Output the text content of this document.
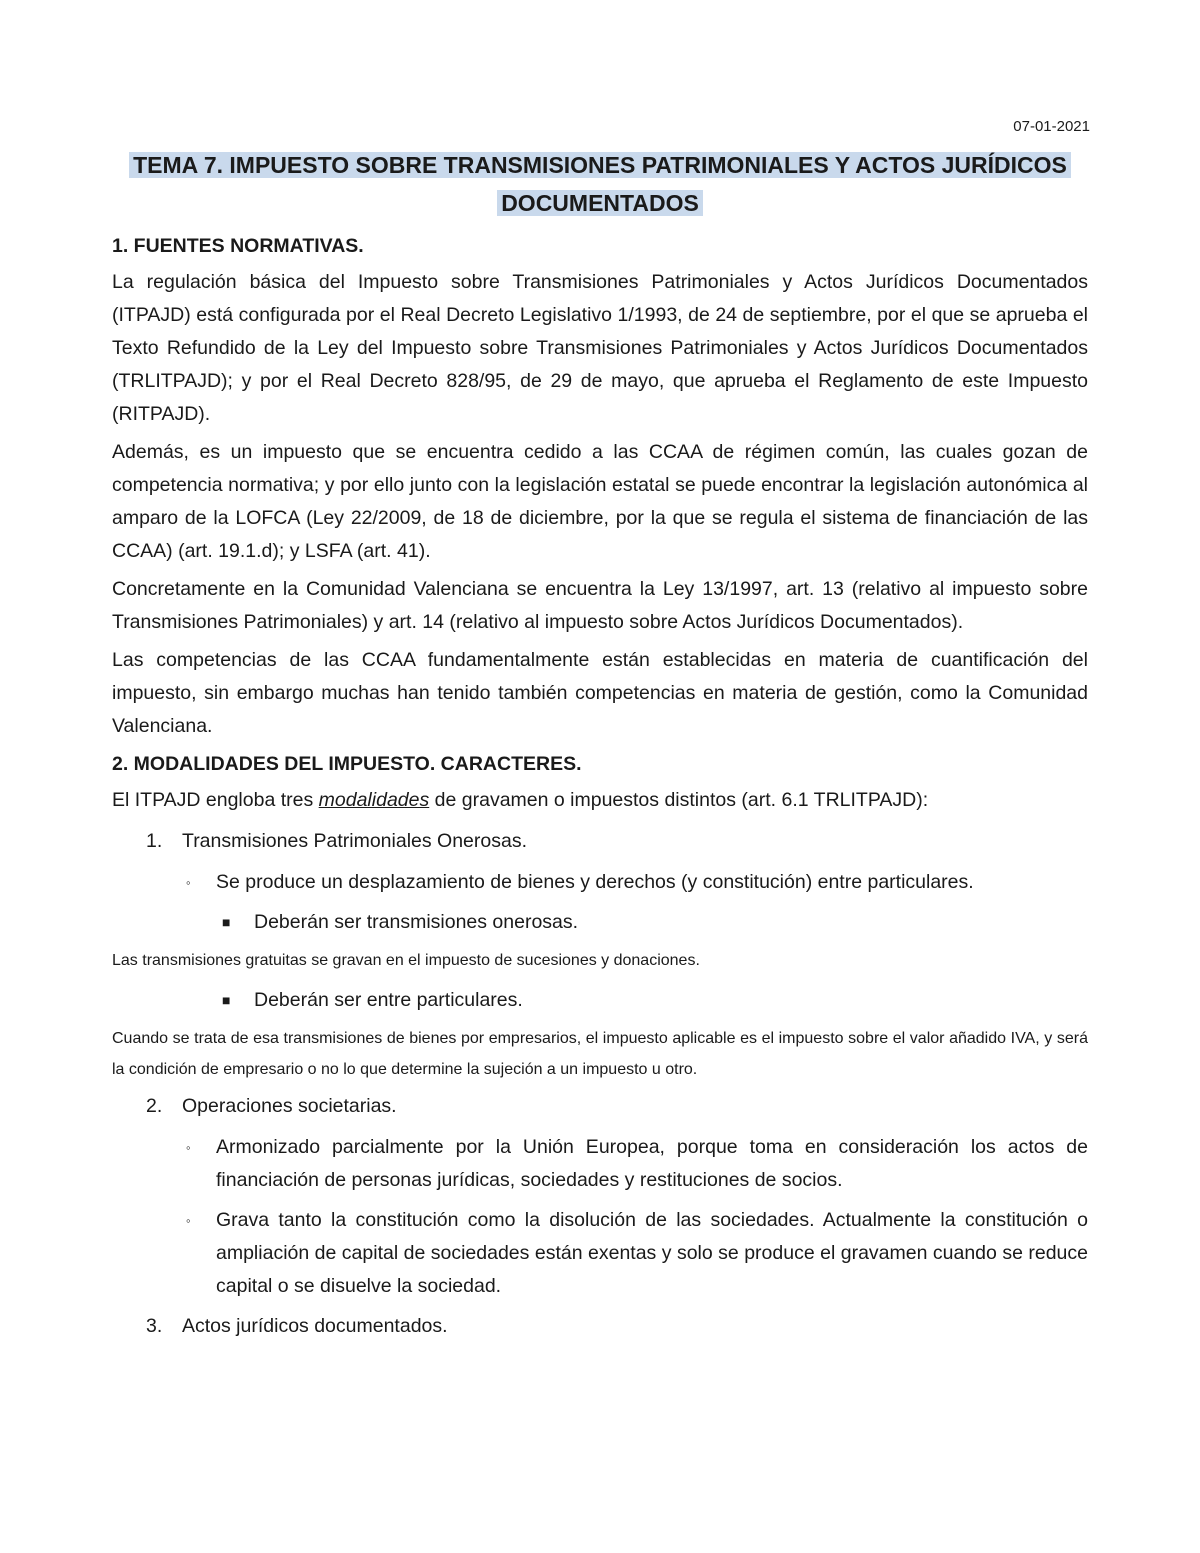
07-01-2021
TEMA 7. IMPUESTO SOBRE TRANSMISIONES PATRIMONIALES Y ACTOS JURÍDICOS
DOCUMENTADOS
1. FUENTES NORMATIVAS.

La regulación básica del Impuesto sobre Transmisiones Patrimoniales y Actos Jurídicos Documentados (ITPAJD) está configurada por el Real Decreto Legislativo 1/1993, de 24 de septiembre, por el que se aprueba el Texto Refundido de la Ley del Impuesto sobre Transmisiones Patrimoniales y Actos Jurídicos Documentados (TRLITPAJD); y por el Real Decreto 828/95, de 29 de mayo, que aprueba el Reglamento de este Impuesto (RITPAJD).

Además, es un impuesto que se encuentra cedido a las CCAA de régimen común, las cuales gozan de competencia normativa; y por ello junto con la legislación estatal se puede encontrar la legislación autonómica al amparo de la LOFCA (Ley 22/2009, de 18 de diciembre, por la que se regula el sistema de financiación de las CCAA) (art. 19.1.d); y LSFA (art. 41).

Concretamente en la Comunidad Valenciana se encuentra la Ley 13/1997, art. 13 (relativo al impuesto sobre Transmisiones Patrimoniales) y art. 14 (relativo al impuesto sobre Actos Jurídicos Documentados).

Las competencias de las CCAA fundamentalmente están establecidas en materia de cuantificación del impuesto, sin embargo muchas han tenido también competencias en materia de gestión, como la Comunidad Valenciana.

2. MODALIDADES DEL IMPUESTO. CARACTERES.

El ITPAJD engloba tres modalidades de gravamen o impuestos distintos (art. 6.1 TRLITPAJD):

1.	Transmisiones Patrimoniales Onerosas.
◦	Se produce un desplazamiento de bienes y derechos (y constitución) entre particulares.
■	Deberán ser transmisiones onerosas.

Las transmisiones gratuitas se gravan en el impuesto de sucesiones y donaciones.

■	Deberán ser entre particulares.

Cuando se trata de esa transmisiones de bienes por empresarios, el impuesto aplicable es el impuesto sobre el valor añadido IVA, y será la condición de empresario o no lo que determine la sujeción a un impuesto u otro.

2.	Operaciones societarias.
◦	Armonizado parcialmente por la Unión Europea, porque toma en consideración los actos de financiación de personas jurídicas, sociedades y restituciones de socios.
◦	Grava tanto la constitución como la disolución de las sociedades. Actualmente la constitución o ampliación de capital de sociedades están exentas y solo se produce el gravamen cuando se reduce capital o se disuelve la sociedad.
3.	Actos jurídicos documentados.
